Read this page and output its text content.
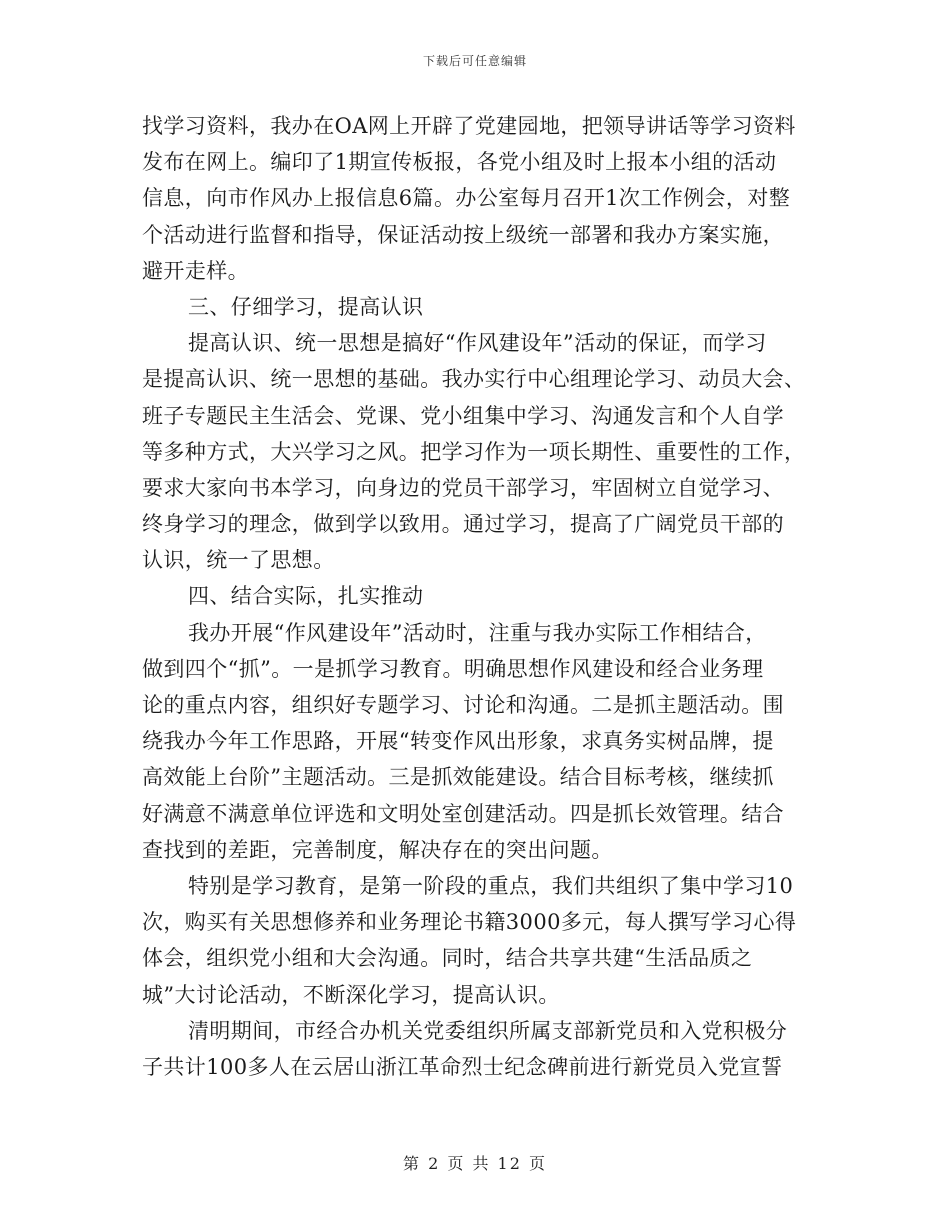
下载后可任意编辑
找学习资料，我办在OA网上开辟了党建园地，把领导讲话等学习资料
发布在网上。编印了1期宣传板报，各党小组及时上报本小组的活动
信息，向市作风办上报信息6篇。办公室每月召开1次工作例会，对整
个活动进行监督和指导，保证活动按上级统一部署和我办方案实施，
避开走样。
三、仔细学习，提高认识
提高认识、统一思想是搞好“作风建设年”活动的保证，而学习
是提高认识、统一思想的基础。我办实行中心组理论学习、动员大会、
班子专题民主生活会、党课、党小组集中学习、沟通发言和个人自学
等多种方式，大兴学习之风。把学习作为一项长期性、重要性的工作，
要求大家向书本学习，向身边的党员干部学习，牢固树立自觉学习、
终身学习的理念，做到学以致用。通过学习，提高了广阔党员干部的
认识，统一了思想。
四、结合实际，扎实推动
我办开展“作风建设年”活动时，注重与我办实际工作相结合，
做到四个“抓”。一是抓学习教育。明确思想作风建设和经合业务理
论的重点内容，组织好专题学习、讨论和沟通。二是抓主题活动。围
绕我办今年工作思路，开展“转变作风出形象，求真务实树品牌，提
高效能上台阶”主题活动。三是抓效能建设。结合目标考核，继续抓
好满意不满意单位评选和文明处室创建活动。四是抓长效管理。结合
查找到的差距，完善制度，解决存在的突出问题。
特别是学习教育，是第一阶段的重点，我们共组织了集中学习10
次，购买有关思想修养和业务理论书籍3000多元，每人撰写学习心得
体会，组织党小组和大会沟通。同时，结合共享共建“生活品质之
城”大讨论活动，不断深化学习，提高认识。
清明期间，市经合办机关党委组织所属支部新党员和入党积极分
子共计100多人在云居山浙江革命烈士纪念碑前进行新党员入党宣誓
第 2 页 共 12 页
